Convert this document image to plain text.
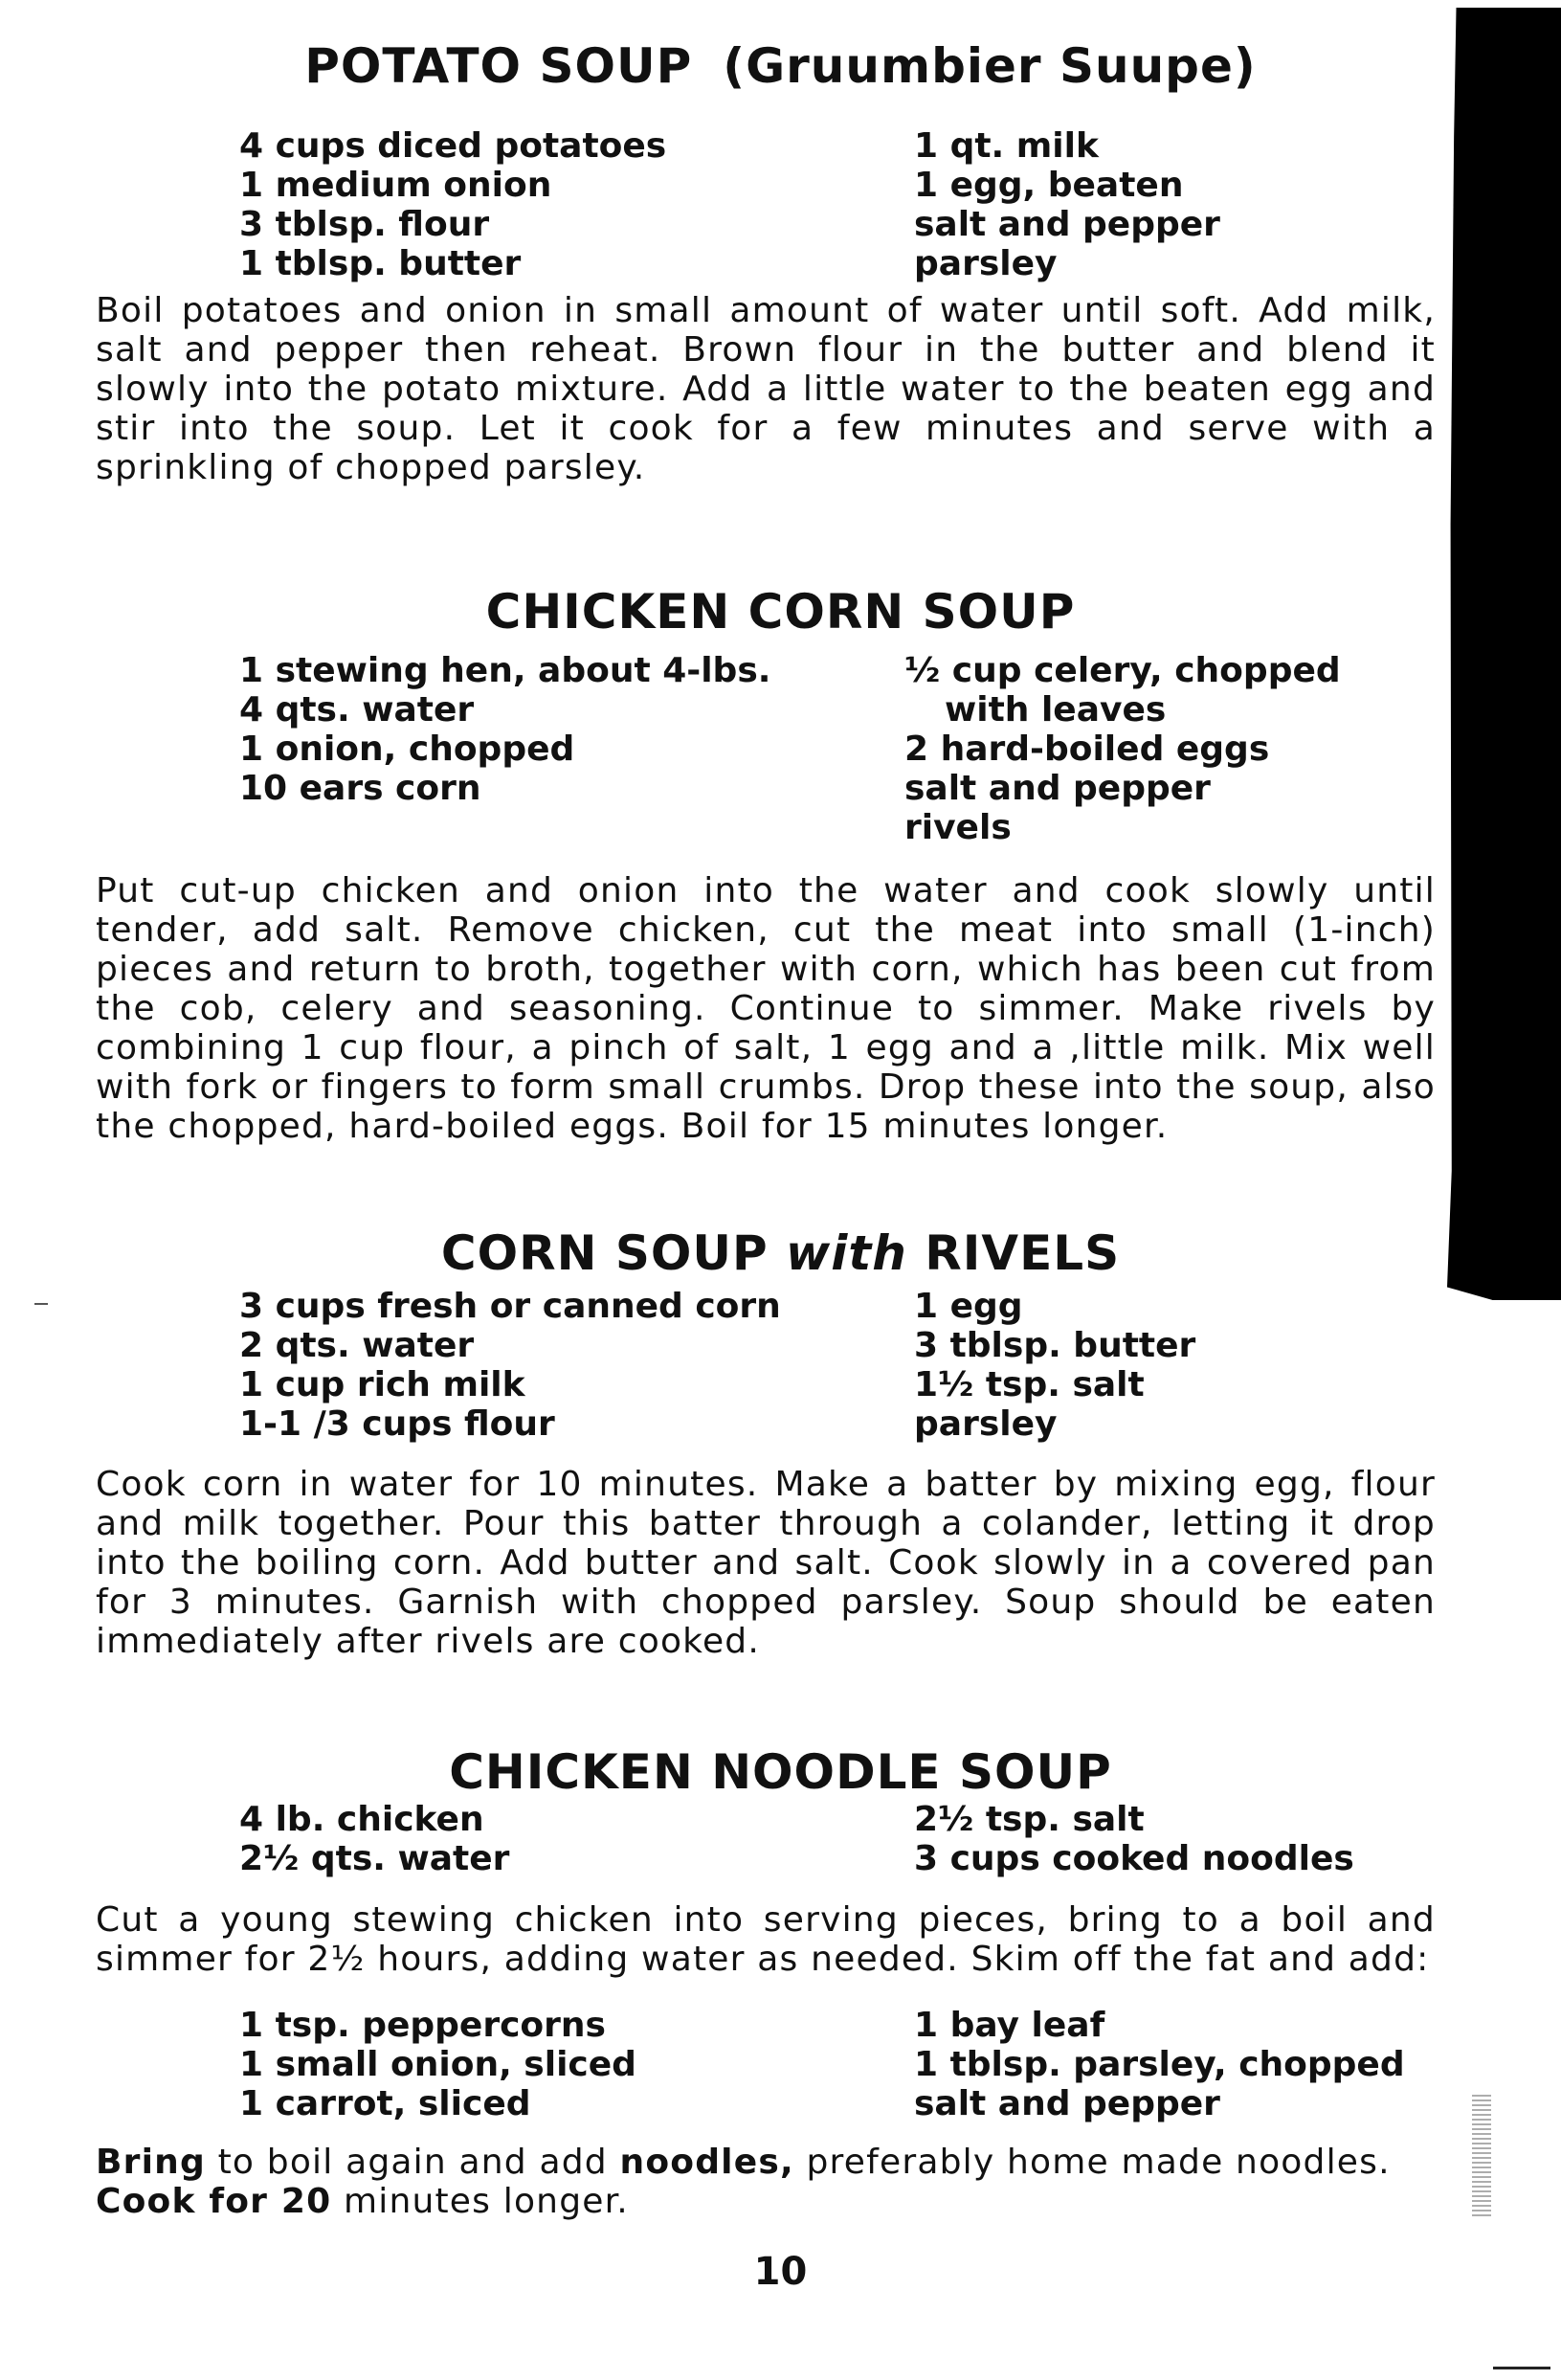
POTATO SOUP (Gruumbier Suupe)
4 cups diced potatoes
1 medium onion
3 tblsp. flour
1 tblsp. butter
1 qt. milk
1 egg, beaten
salt and pepper
parsley

Boil potatoes and onion in small amount of water until soft. Add milk, salt and pepper then reheat. Brown flour in the butter and blend it slowly into the potato mixture. Add a little water to the beaten egg and stir into the soup. Let it cook for a few minutes and serve with a sprinkling of chopped parsley.

CHICKEN CORN SOUP
1 stewing hen, about 4-lbs.
4 qts. water
1 onion, chopped
10 ears corn
½ cup celery, chopped
with leaves
2 hard-boiled eggs
salt and pepper
rivels

Put cut-up chicken and onion into the water and cook slowly until tender, add salt. Remove chicken, cut the meat into small (1-inch) pieces and return to broth, together with corn, which has been cut from the cob, celery and seasoning. Continue to simmer. Make rivels by combining 1 cup flour, a pinch of salt, 1 egg and a ,little milk. Mix well with fork or fingers to form small crumbs. Drop these into the soup, also the chopped, hard-boiled eggs. Boil for 15 minutes longer.

CORN SOUP with RIVELS
3 cups fresh or canned corn
2 qts. water
1 cup rich milk
1-1 /3 cups flour
1 egg
3 tblsp. butter
1½ tsp. salt
parsley

Cook corn in water for 10 minutes. Make a batter by mixing egg, flour and milk together. Pour this batter through a colander, letting it drop into the boiling corn. Add butter and salt. Cook slowly in a covered pan for 3 minutes. Garnish with chopped parsley. Soup should be eaten immediately after rivels are cooked.

CHICKEN NOODLE SOUP
4 lb. chicken
2½ qts. water
2½ tsp. salt
3 cups cooked noodles

Cut a young stewing chicken into serving pieces, bring to a boil and simmer for 2½ hours, adding water as needed. Skim off the fat and add:

1 tsp. peppercorns
1 small onion, sliced
1 carrot, sliced
1 bay leaf
1 tblsp. parsley, chopped
salt and pepper

Bring to boil again and add noodles, preferably home made noodles. Cook for 20 minutes longer.

10
